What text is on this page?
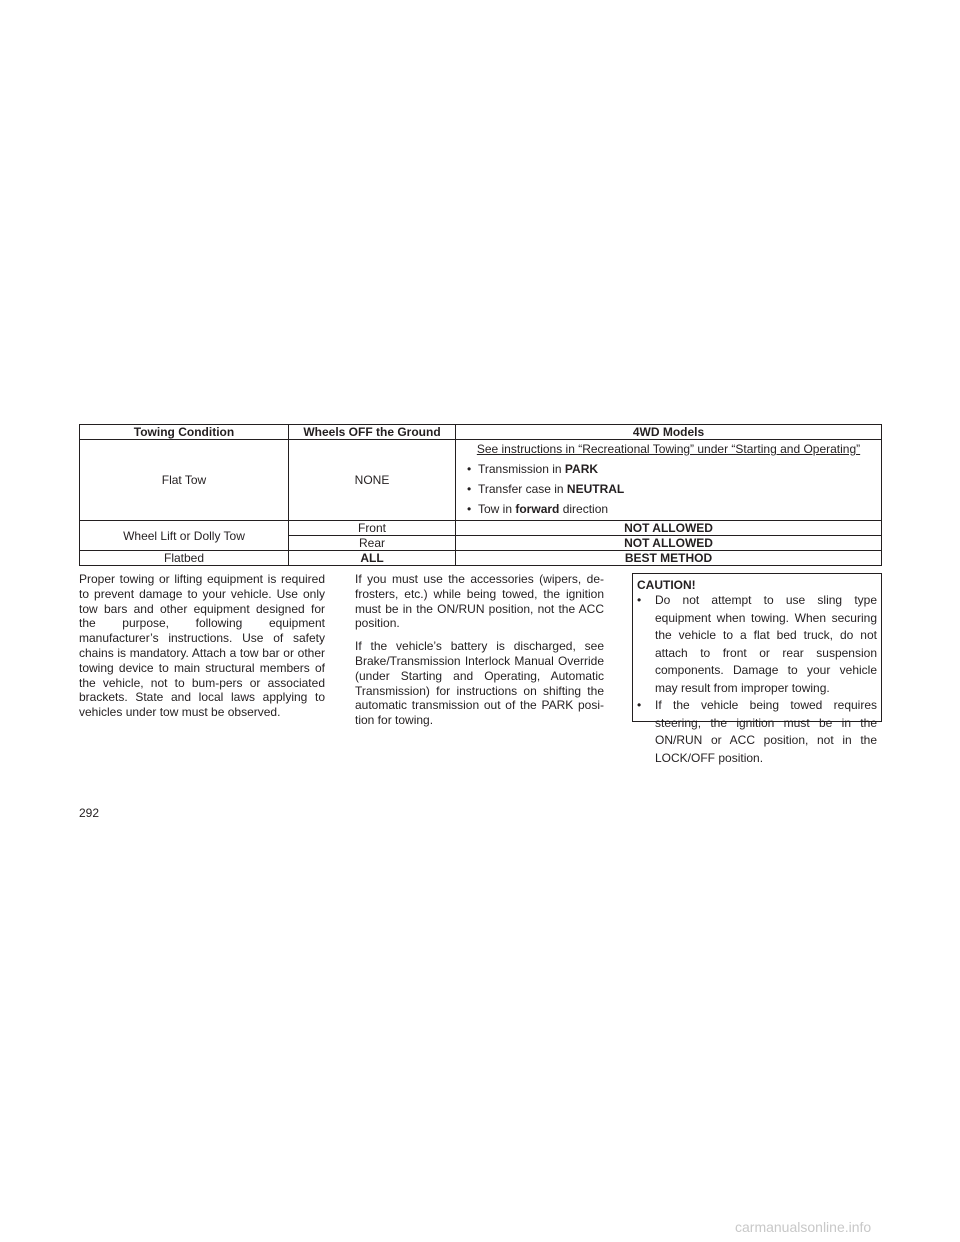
Towing Condition	Wheels OFF the Ground	4WD Models
Flat Tow	NONE	See instructions in “Recreational Towing” under “Starting and Operating”
• Transmission in PARK
• Transfer case in NEUTRAL
• Tow in forward direction

Wheel Lift or Dolly Tow	Front	NOT ALLOWED
	Rear	NOT ALLOWED
Flatbed	ALL	BEST METHOD

Proper towing or lifting equipment is required to prevent damage to your vehicle. Use only tow bars and other equipment designed for the purpose, following equipment manufacturer’s instructions. Use of safety chains is mandatory. Attach a tow bar or other towing device to main structural members of the vehicle, not to bum-pers or associated brackets. State and local laws applying to vehicles under tow must be observed.

If you must use the accessories (wipers, de-frosters, etc.) while being towed, the ignition must be in the ON/RUN position, not the ACC position.

If the vehicle’s battery is discharged, see Brake/Transmission Interlock Manual Override (under Starting and Operating, Automatic Transmission) for instructions on shifting the automatic transmission out of the PARK posi-tion for towing.

CAUTION!
• Do not attempt to use sling type equipment when towing. When securing the vehicle to a flat bed truck, do not attach to front or rear suspension components. Damage to your vehicle may result from improper towing.
• If the vehicle being towed requires steering, the ignition must be in the ON/RUN or ACC position, not in the LOCK/OFF position.
292
carmanualsonline.info
